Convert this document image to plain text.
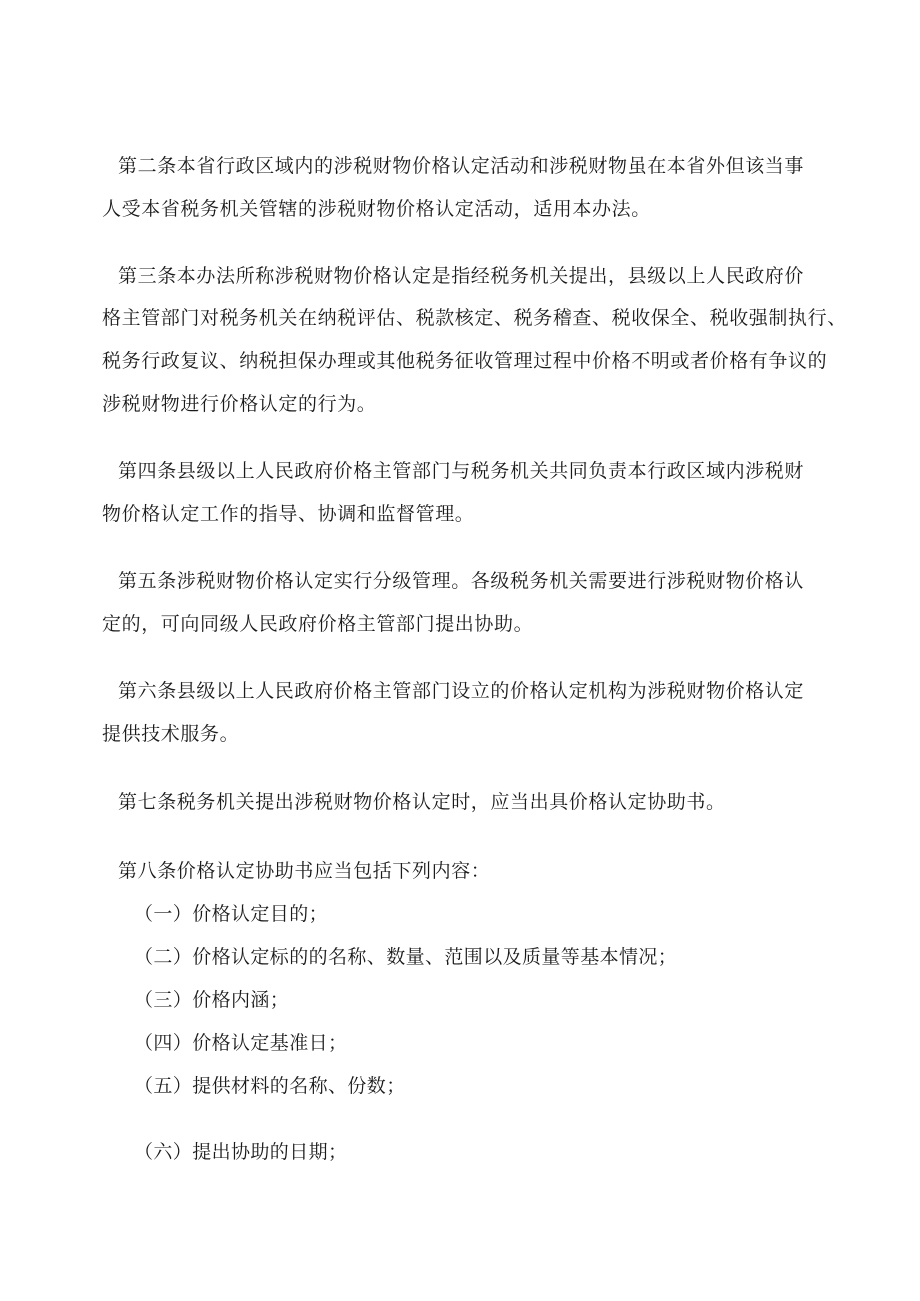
第二条本省行政区域内的涉税财物价格认定活动和涉税财物虽在本省外但该当事
人受本省税务机关管辖的涉税财物价格认定活动，适用本办法。
第三条本办法所称涉税财物价格认定是指经税务机关提出，县级以上人民政府价
格主管部门对税务机关在纳税评估、税款核定、税务稽查、税收保全、税收强制执行、
税务行政复议、纳税担保办理或其他税务征收管理过程中价格不明或者价格有争议的
涉税财物进行价格认定的行为。
第四条县级以上人民政府价格主管部门与税务机关共同负责本行政区域内涉税财
物价格认定工作的指导、协调和监督管理。
第五条涉税财物价格认定实行分级管理。各级税务机关需要进行涉税财物价格认
定的，可向同级人民政府价格主管部门提出协助。
第六条县级以上人民政府价格主管部门设立的价格认定机构为涉税财物价格认定
提供技术服务。
第七条税务机关提出涉税财物价格认定时，应当出具价格认定协助书。
第八条价格认定协助书应当包括下列内容：
（一）价格认定目的；
（二）价格认定标的的名称、数量、范围以及质量等基本情况；
（三）价格内涵；
（四）价格认定基准日；
（五）提供材料的名称、份数；
（六）提出协助的日期；
